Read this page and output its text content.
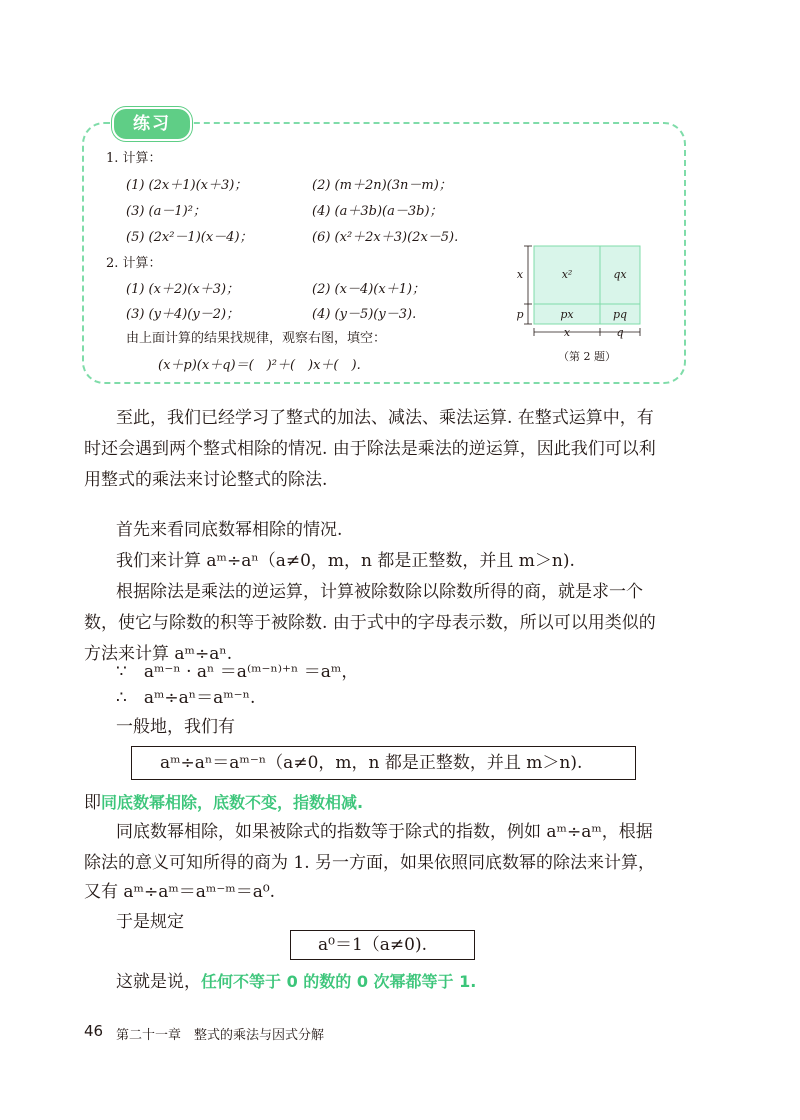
练习
1. 计算：
(1) (2x＋1)(x＋3)；	(2) (m＋2n)(3n－m)；
(3) (a－1)²；	(4) (a＋3b)(a－3b)；
(5) (2x²－1)(x－4)；	(6) (x²＋2x＋3)(2x－5).
2. 计算：
(1) (x＋2)(x＋3)；	(2) (x－4)(x＋1)；
(3) (y＋4)(y－2)；	(4) (y－5)(y－3).
由上面计算的结果找规律，观察右图，填空：
(x＋p)(x＋q)＝(　)²＋(　)x＋(　).
x²	qx
px	pq
x
p
x	q
（第 2 题）
至此，我们已经学习了整式的加法、减法、乘法运算. 在整式运算中，有
时还会遇到两个整式相除的情况. 由于除法是乘法的逆运算，因此我们可以利
用整式的乘法来讨论整式的除法.
首先来看同底数幂相除的情况.
我们来计算 aᵐ÷aⁿ（a≠0，m，n 都是正整数，并且 m＞n).
根据除法是乘法的逆运算，计算被除数除以除数所得的商，就是求一个
数，使它与除数的积等于被除数. 由于式中的字母表示数，所以可以用类似的
方法来计算 aᵐ÷aⁿ.
∵　aᵐ⁻ⁿ · aⁿ ＝a⁽ᵐ⁻ⁿ⁾⁺ⁿ ＝aᵐ，
∴　aᵐ÷aⁿ＝aᵐ⁻ⁿ.
一般地，我们有
aᵐ÷aⁿ＝aᵐ⁻ⁿ（a≠0，m，n 都是正整数，并且 m＞n).
即同底数幂相除，底数不变，指数相减.
同底数幂相除，如果被除式的指数等于除式的指数，例如 aᵐ÷aᵐ，根据
除法的意义可知所得的商为 1. 另一方面，如果依照同底数幂的除法来计算，
又有 aᵐ÷aᵐ＝aᵐ⁻ᵐ＝a⁰.
于是规定
a⁰＝1（a≠0).
这就是说，任何不等于 0 的数的 0 次幂都等于 1.
46 第二十一章　整式的乘法与因式分解
